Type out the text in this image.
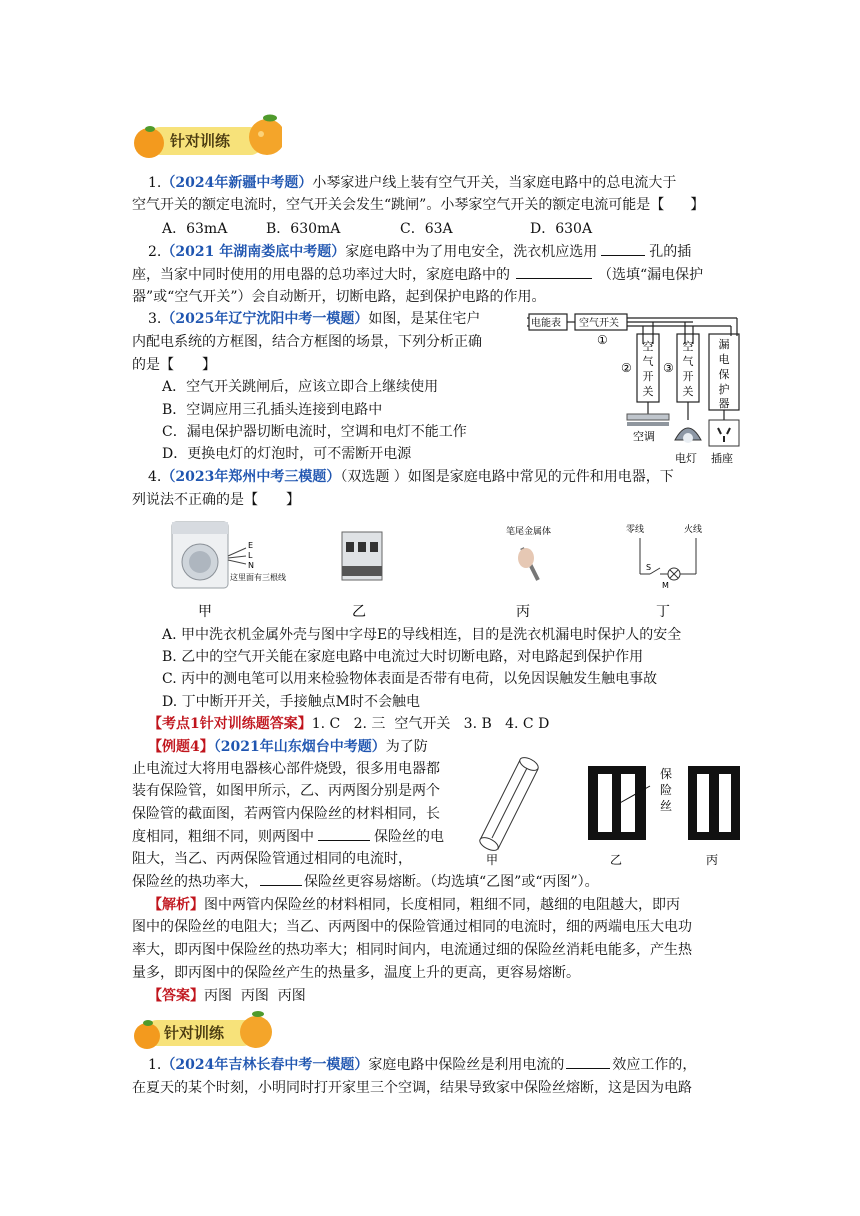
针对训练
1.（2024年新疆中考题）小琴家进户线上装有空气开关，当家庭电路中的总电流大于
空气开关的额定电流时，空气开关会发生“跳闸”。小琴家空气开关的额定电流可能是【 】
A．63mA	B．630mA	C．63A	D．630A
2.（2021 年湖南娄底中考题）家庭电路中为了用电安全，洗衣机应选用	孔的插
座，当家中同时使用的用电器的总功率过大时，家庭电路中的	（选填“漏电保护
器”或“空气开关”）会自动断开，切断电路，起到保护电路的作用。
3.（2025年辽宁沈阳中考一模题）如图，是某住宅户
内配电系统的方框图，结合方框图的场景，下列分析正确
的是【 】
A．空气开关跳闸后，应该立即合上继续使用
B．空调应用三孔插头连接到电路中
C．漏电保护器切断电流时，空调和电灯不能工作
D．更换电灯的灯泡时，可不需断开电源
电能表 空气开关
①
②	③
空
气
开
关
空
气
开
关
漏
电
保
护
器
空调
电灯 插座
4.（2023年郑州中考三模题）（双选题 ）如图是家庭电路中常见的元件和用电器，下
列说法不正确的是【 】
E
L
N
这里面有三根线
笔尾金属体	零线	火线
S
M
甲	乙	丙	丁
A. 甲中洗衣机金属外壳与图中字母E的导线相连，目的是洗衣机漏电时保护人的安全
B. 乙中的空气开关能在家庭电路中电流过大时切断电路，对电路起到保护作用
C. 丙中的测电笔可以用来检验物体表面是否带有电荷，以免因误触发生触电事故
D. 丁中断开开关，手接触点M时不会触电
【考点1针对训练题答案】1. C   2. 三  空气开关   3. B   4. C D
【例题4】（2021年山东烟台中考题）为了防
止电流过大将用电器核心部件烧毁，很多用电器都
装有保险管，如图甲所示，乙、丙两图分别是两个
保险管的截面图，若两管内保险丝的材料相同，长
度相同，粗细不同，则两图中	保险丝的电
阻大，当乙、丙两保险管通过相同的电流时，
保险丝的热功率大，	保险丝更容易熔断。（均选填“乙图”或“丙图”）。
保
险
丝
甲	乙	丙
【解析】图中两管内保险丝的材料相同，长度相同，粗细不同，越细的电阻越大，即丙
图中的保险丝的电阻大；当乙、丙两图中的保险管通过相同的电流时，细的两端电压大电功
率大，即丙图中保险丝的热功率大；相同时间内，电流通过细的保险丝消耗电能多，产生热
量多，即丙图中的保险丝产生的热量多，温度上升的更高，更容易熔断。
【答案】丙图  丙图  丙图
针对训练
1.（2024年吉林长春中考一模题）家庭电路中保险丝是利用电流的	效应工作的，
在夏天的某个时刻，小明同时打开家里三个空调，结果导致家中保险丝熔断，这是因为电路
